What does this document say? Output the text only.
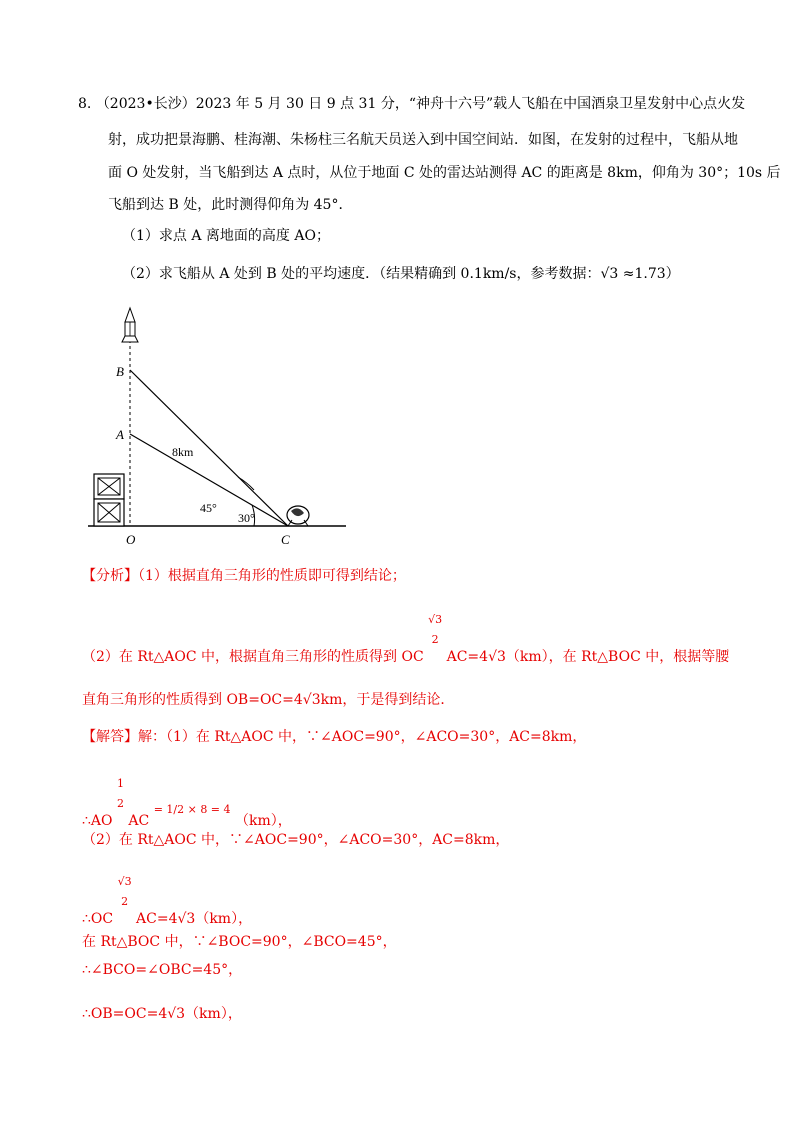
8. （2023•长沙）2023 年 5 月 30 日 9 点 31 分，“神舟十六号”载人飞船在中国酒泉卫星发射中心点火发
射，成功把景海鹏、桂海潮、朱杨柱三名航天员送入到中国空间站．如图，在发射的过程中，飞船从地
面 O 处发射，当飞船到达 A 点时，从位于地面 C 处的雷达站测得 AC 的距离是 8km，仰角为 30°；10s 后
飞船到达 B 处，此时测得仰角为 45°．
（1）求点 A 离地面的高度 AO；
（2）求飞船从 A 处到 B 处的平均速度．（结果精确到 0.1km/s，参考数据：√3 ≈1.73）
B
A
O	C
8km
45°
30°
【分析】（1）根据直角三角形的性质即可得到结论；
（2）在 Rt△AOC 中，根据直角三角形的性质得到 OC
√3
2
AC=4√3（km），在 Rt△BOC 中，根据等腰
直角三角形的性质得到 OB=OC=4√3km，于是得到结论．
【解答】解：（1）在 Rt△AOC 中，∵∠AOC=90°，∠ACO=30°，AC=8km，
∴AO
1
2
AC $^{= 1/2 \times 8 = 4}$ （km），
（2）在 Rt△AOC 中，∵∠AOC=90°，∠ACO=30°，AC=8km，
∴OC
√3
2
AC=4√3（km），
在 Rt△BOC 中，∵∠BOC=90°，∠BCO=45°，
∴∠BCO=∠OBC=45°，
∴OB=OC=4√3（km），
